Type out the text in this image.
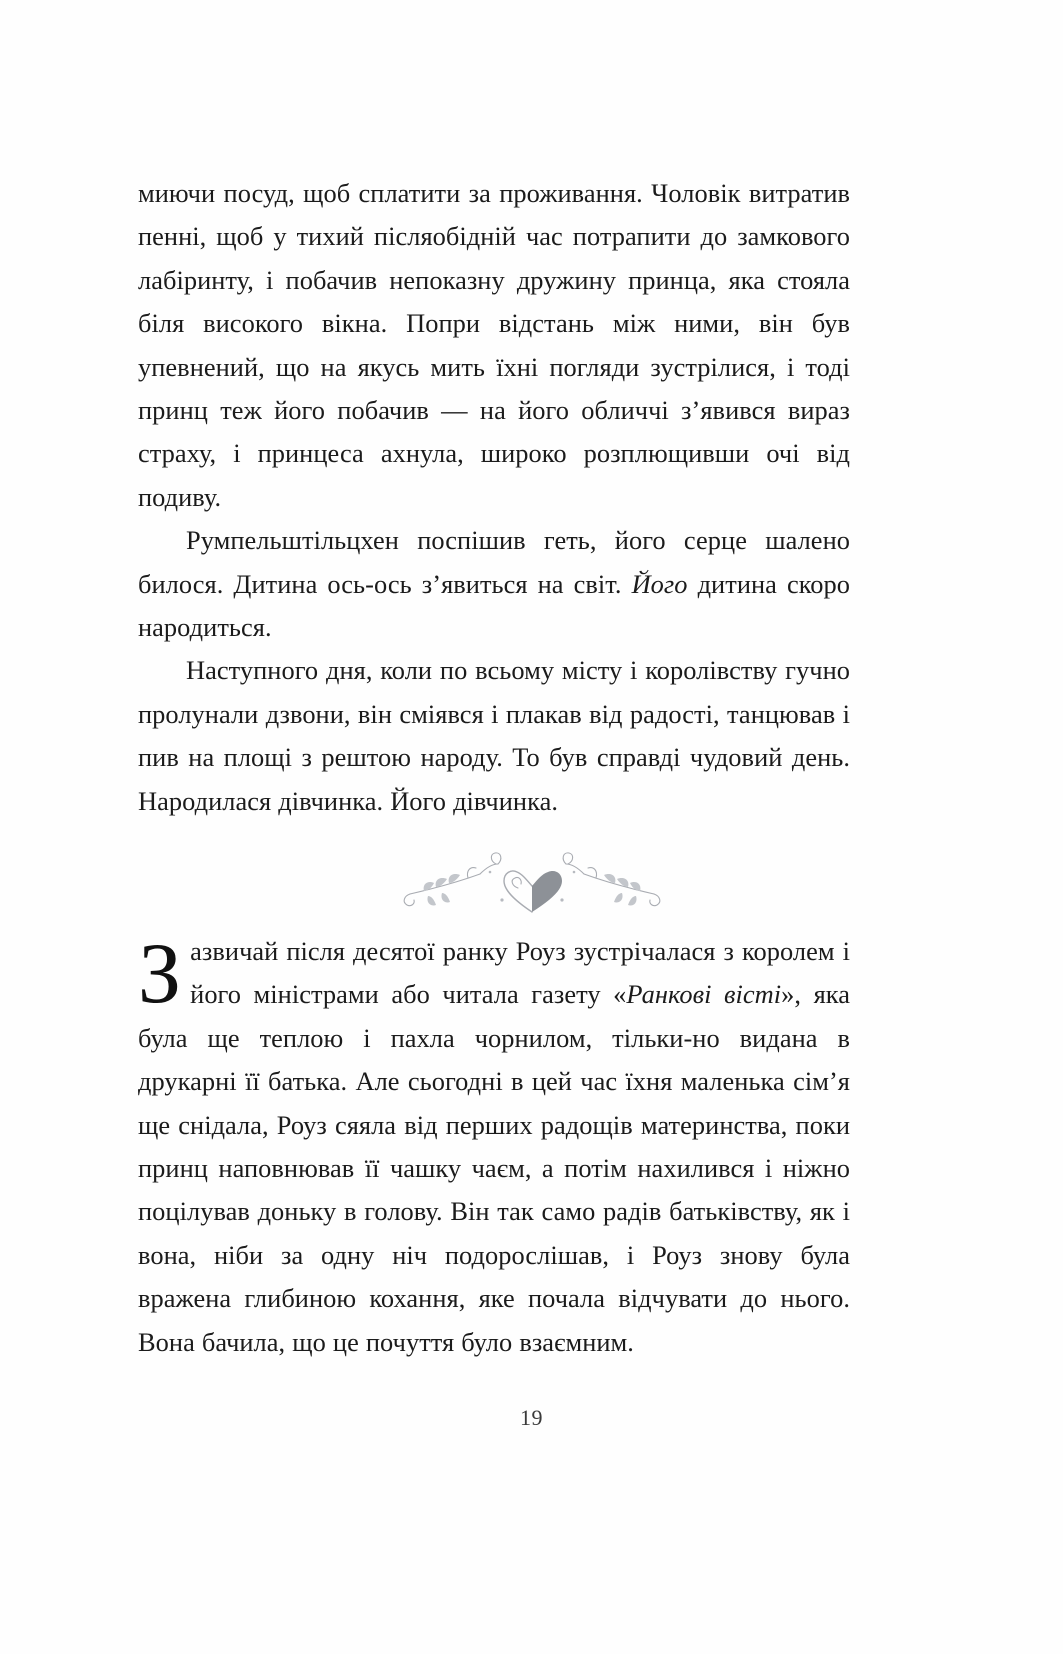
миючи посуд, щоб сплатити за проживання. Чоловік витратив пенні, щоб у тихий післяобідній час потрапити до замкового лабіринту, і побачив непоказну дружину принца, яка стояла біля високого вікна. Попри відстань між ними, він був упевнений, що на якусь мить їхні погляди зустрілися, і тоді принц теж його побачив — на його обличчі з’явився вираз страху, і принцеса ахнула, широко розплющивши очі від подиву.

Румпельштільцхен поспішив геть, його серце шалено билося. Дитина ось-ось з’явиться на світ. Його дитина скоро народиться.

Наступного дня, коли по всьому місту і королівству гучно пролунали дзвони, він сміявся і плакав від радості, танцював і пив на площі з рештою народу. То був справді чудовий день. Народилася дівчинка. Його дівчинка.

Зазвичай після десятої ранку Роуз зустрічалася з королем і його міністрами або читала газету «Ранкові вісті», яка була ще теплою і пахла чорнилом, тільки-но видана в друкарні її батька. Але сьогодні в цей час їхня маленька сім’я ще снідала, Роуз сяяла від перших радощів материнства, поки принц наповнював її чашку чаєм, а потім нахилився і ніжно поцілував доньку в голову. Він так само радів батьківству, як і вона, ніби за одну ніч подорослішав, і Роуз знову була вражена глибиною кохання, яке почала відчувати до нього. Вона бачила, що це почуття було взаємним.

19
